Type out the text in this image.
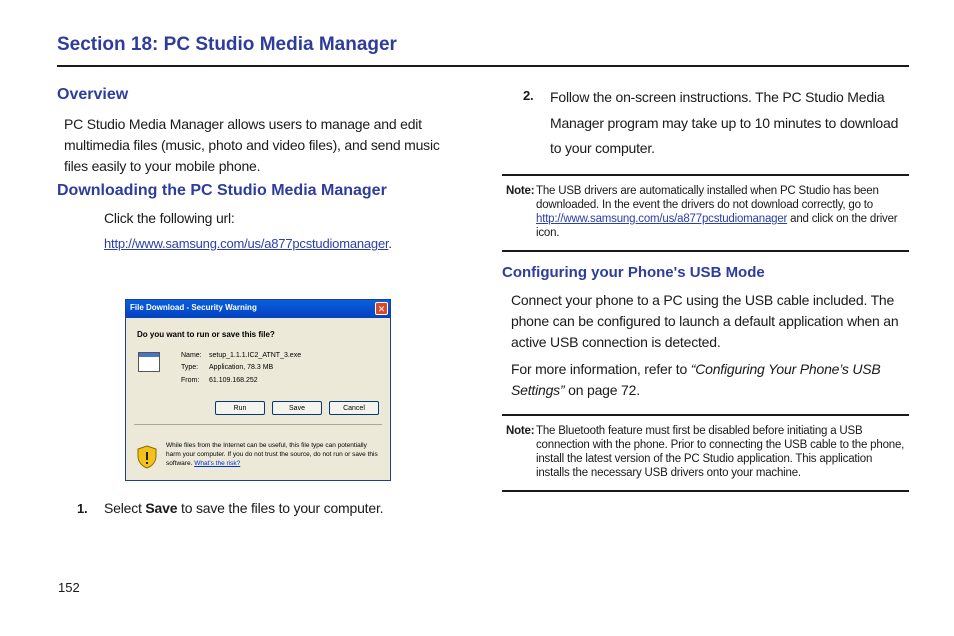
Section 18: PC Studio Media Manager
Overview
PC Studio Media Manager allows users to manage and edit multimedia files (music, photo and video files), and send music files easily to your mobile phone.
Downloading the PC Studio Media Manager
Click the following url:
http://www.samsung.com/us/a877pcstudiomanager.
File Download - Security Warning	✕
Do you want to run or save this file?
Name: setup_1.1.1.IC2_ATNT_3.exe
Type: Application, 78.3 MB
From: 61.109.168.252
Run	Save	Cancel
While files from the Internet can be useful, this file type can potentially harm your computer. If you do not trust the source, do not run or save this software. What's the risk?
1. Select Save to save the files to your computer.
2. Follow the on-screen instructions. The PC Studio Media Manager program may take up to 10 minutes to download to your computer.
Note: The USB drivers are automatically installed when PC Studio has been downloaded. In the event the drivers do not download correctly, go to http://www.samsung.com/us/a877pcstudiomanager and click on the driver icon.
Configuring your Phone's USB Mode
Connect your phone to a PC using the USB cable included. The phone can be configured to launch a default application when an active USB connection is detected.
For more information, refer to “Configuring Your Phone’s USB Settings” on page 72.
Note: The Bluetooth feature must first be disabled before initiating a USB connection with the phone. Prior to connecting the USB cable to the phone, install the latest version of the PC Studio application. This application installs the necessary USB drivers onto your machine.
152
